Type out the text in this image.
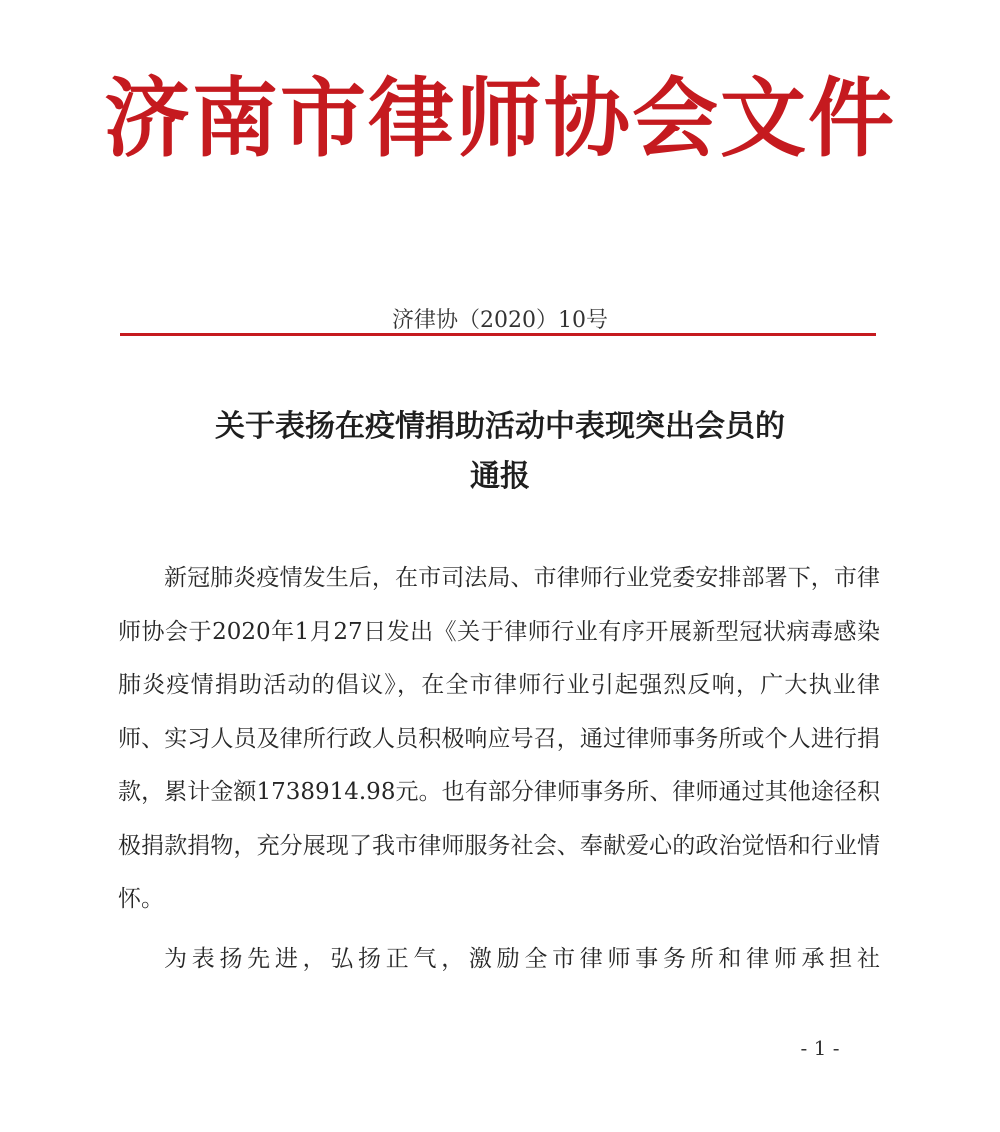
济南市律师协会文件
济律协（2020）10号
关于表扬在疫情捐助活动中表现突出会员的
通报

新冠肺炎疫情发生后，在市司法局、市律师行业党委安排部署下，市律师协会于2020年1月27日发出《关于律师行业有序开展新型冠状病毒感染肺炎疫情捐助活动的倡议》，在全市律师行业引起强烈反响，广大执业律师、实习人员及律所行政人员积极响应号召，通过律师事务所或个人进行捐款，累计金额1738914.98元。也有部分律师事务所、律师通过其他途径积极捐款捐物，充分展现了我市律师服务社会、奉献爱心的政治觉悟和行业情怀。

为表扬先进，弘扬正气，激励全市律师事务所和律师承担社

- 1 -
